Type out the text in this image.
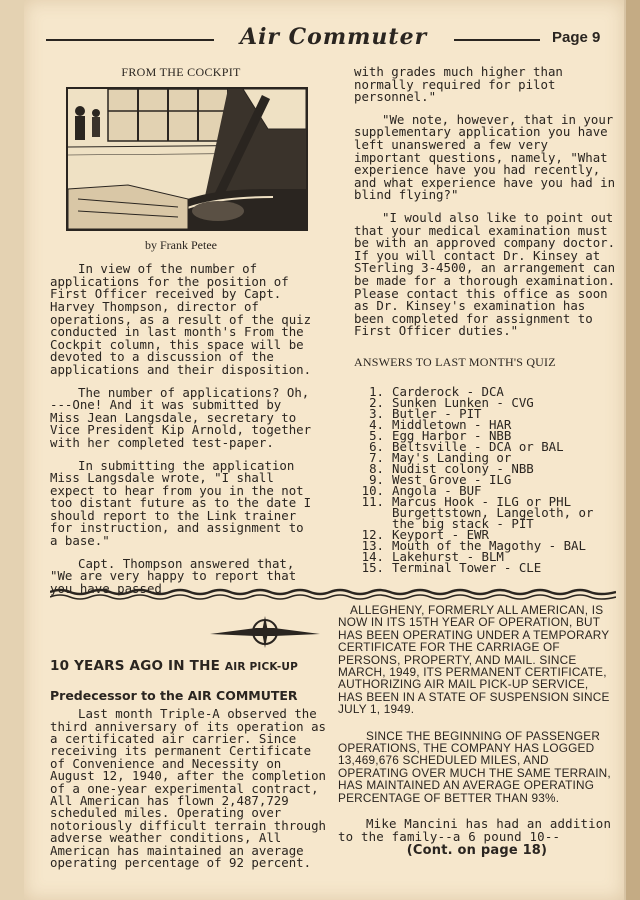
Air Commuter	Page 9
FROM THE COCKPIT
by Frank Petee

In view of the number of applications for the position of First Officer received by Capt. Harvey Thompson, director of operations, as a result of the quiz conducted in last month's From the Cockpit column, this space will be devoted to a discussion of the applications and their disposition.

The number of applications? Oh, ---One! And it was submitted by Miss Jean Langsdale, secretary to Vice President Kip Arnold, together with her completed test-paper.

In submitting the application Miss Langsdale wrote, "I shall expect to hear from you in the not too distant future as to the date I should report to the Link trainer for instruction, and assignment to a base."

Capt. Thompson answered that, "We are very happy to report that you have passed

with grades much higher than normally required for pilot personnel."

"We note, however, that in your supplementary application you have left unanswered a few very important questions, namely, "What experience have you had recently, and what experience have you had in blind flying?"

"I would also like to point out that your medical examination must be with an approved company doctor. If you will contact Dr. Kinsey at STerling 3-4500, an arrangement can be made for a thorough examination. Please contact this office as soon as Dr. Kinsey's examination has been completed for assignment to First Officer duties."

ANSWERS TO LAST MONTH'S QUIZ
1. Carderock - DCA
2. Sunken Lunken - CVG
3. Butler - PIT
4. Middletown - HAR
5. Egg Harbor - NBB
6. Beltsville - DCA or BAL
7. May's Landing or
8. Nudist colony - NBB
9. West Grove - ILG
10. Angola - BUF
11. Marcus Hook - ILG or PHL Burgettstown, Langeloth, or the big stack - PIT
12. Keyport - EWR
13. Mouth of the Magothy - BAL
14. Lakehurst - BLM
15. Terminal Tower - CLE
10 YEARS AGO IN THE AIR PICK-UP
Predecessor to the AIR COMMUTER

Last month Triple-A observed the third anniversary of its operation as a certificated air carrier. Since receiving its permanent Certificate of Convenience and Necessity on August 12, 1940, after the completion of a one-year experimental contract, All American has flown 2,487,729 scheduled miles. Operating over notoriously difficult terrain through adverse weather conditions, All American has maintained an average operating percentage of 92 percent.

ALLEGHENY, FORMERLY ALL AMERICAN, IS NOW IN ITS 15TH YEAR OF OPERATION, BUT HAS BEEN OPERATING UNDER A TEMPORARY CERTIFICATE FOR THE CARRIAGE OF PERSONS, PROPERTY, AND MAIL. SINCE MARCH, 1949, ITS PERMANENT CERTIFICATE, AUTHORIZING AIR MAIL PICK-UP SERVICE, HAS BEEN IN A STATE OF SUSPENSION SINCE JULY 1, 1949.

SINCE THE BEGINNING OF PASSENGER OPERATIONS, THE COMPANY HAS LOGGED 13,469,676 SCHEDULED MILES, AND OPERATING OVER MUCH THE SAME TERRAIN, HAS MAINTAINED AN AVERAGE OPERATING PERCENTAGE OF BETTER THAN 93%.

Mike Mancini has had an addition to the family--a 6 pound 10--

(Cont. on page 18)
